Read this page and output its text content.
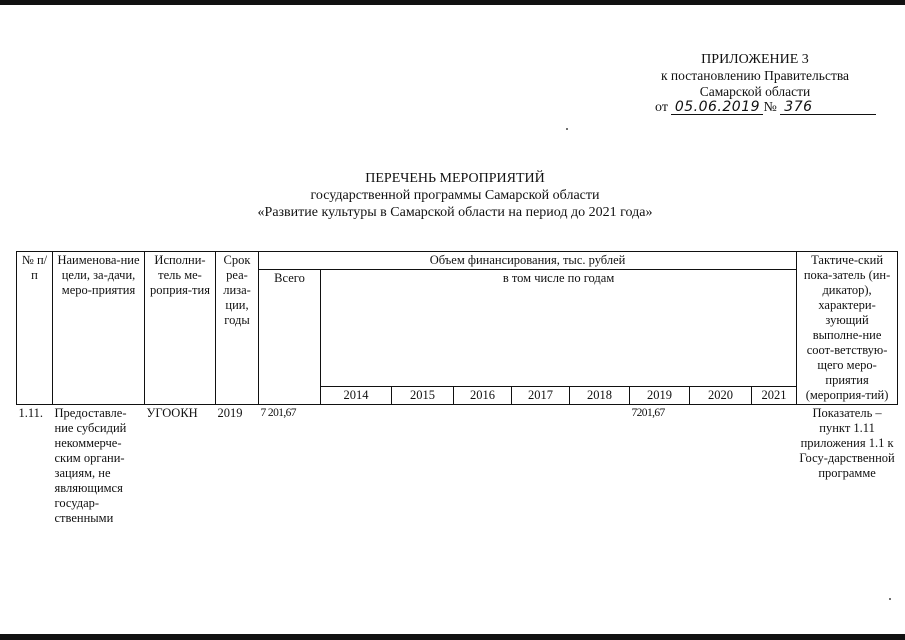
ПРИЛОЖЕНИЕ 3
к постановлению Правительства
Самарской области
от 05.06.2019 № 376
ПЕРЕЧЕНЬ МЕРОПРИЯТИЙ
государственной программы Самарской области
«Развитие культуры в Самарской области на период до 2021 года»
№ п/п	Наименова-ние цели, за-дачи, меро-приятия	Исполни-тель ме-роприя-тия	Срок реа-лиза-ции, годы	Объем финансирования, тыс. рублей									Тактиче-ский пока-затель (ин-дикатор), характери-зующий выполне-ние соот-ветствую-щего меро-приятия (мероприя-тий)
				Всего	в том числе по годам								
					2014	2015	2016	2017	2018	2019	2020	2021	
1.11.	Предоставле-ние субсидий некоммерче-ским органи-зациям, не являющимся государ-ственными	УГООКН	2019	7 201,67						7201,67			Показатель – пункт 1.11 приложения 1.1 к Госу-дарственной программе
